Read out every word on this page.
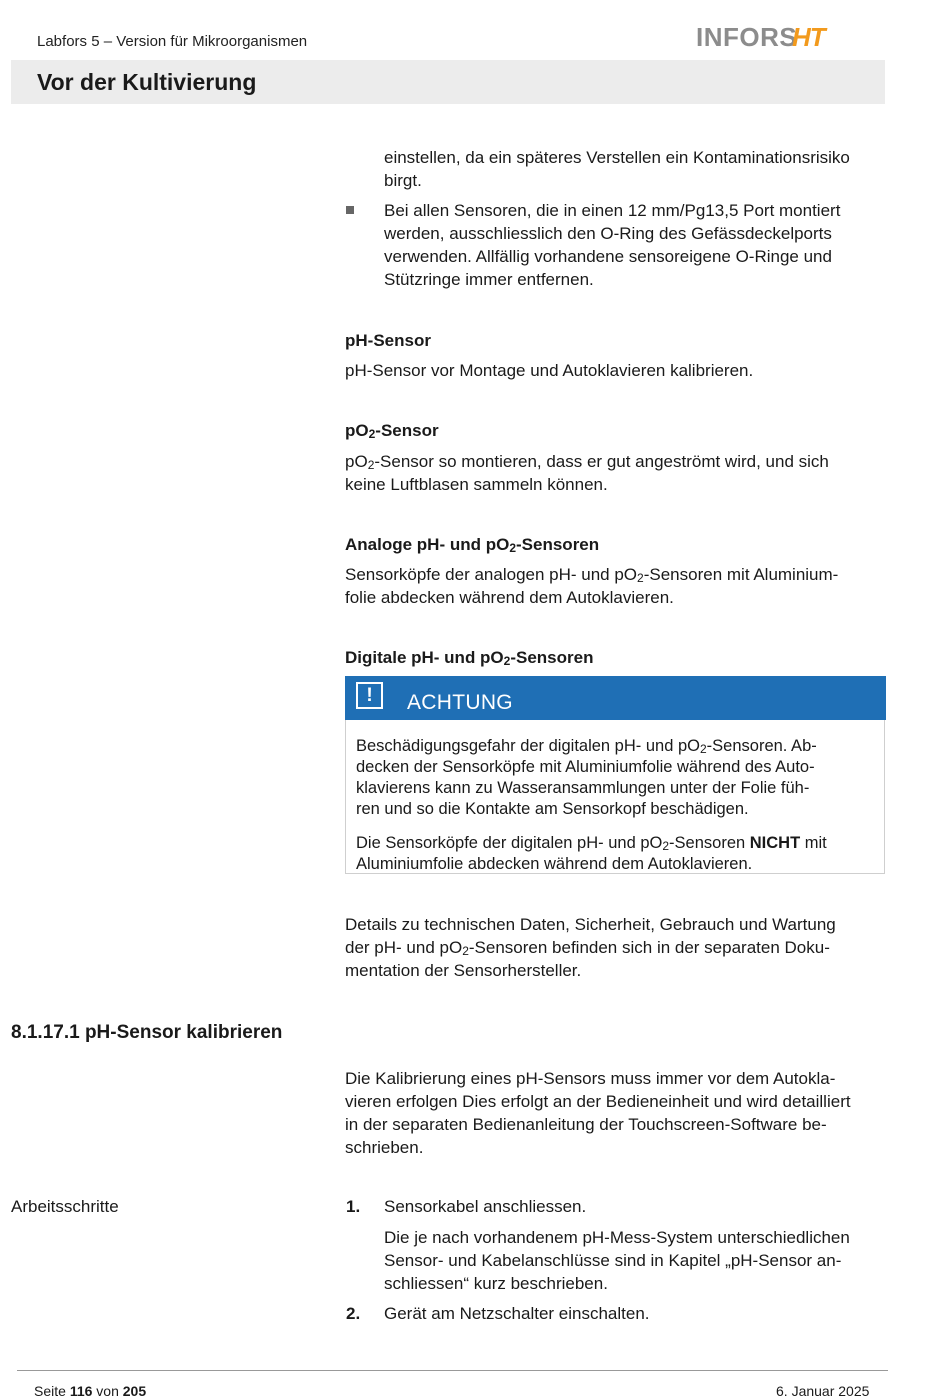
Labfors 5 – Version für Mikroorganismen	INFORS
HT
Vor der Kultivierung
einstellen, da ein späteres Verstellen ein Kontaminationsrisiko
birgt.
Bei allen Sensoren, die in einen 12 mm/Pg13,5 Port montiert
werden, ausschliesslich den O-Ring des Gefässdeckelports
verwenden. Allfällig vorhandene sensoreigene O-Ringe und
Stützringe immer entfernen.
pH-Sensor
pH-Sensor vor Montage und Autoklavieren kalibrieren.
$pO_2$-Sensor
$pO_2$-Sensor so montieren, dass er gut angeströmt wird, und sich
keine Luftblasen sammeln können.
Analoge pH- und $pO_2$-Sensoren
Sensorköpfe der analogen pH- und $pO_2$-Sensoren mit Aluminium-
folie abdecken während dem Autoklavieren.
Digitale pH- und $pO_2$-Sensoren
!	ACHTUNG
Beschädigungsgefahr der digitalen pH- und $pO_2$-Sensoren. Ab-
decken der Sensorköpfe mit Aluminiumfolie während des Auto-
klavierens kann zu Wasseransammlungen unter der Folie füh-
ren und so die Kontakte am Sensorkopf beschädigen.
Die Sensorköpfe der digitalen pH- und $pO_2$-Sensoren NICHT mit
Aluminiumfolie abdecken während dem Autoklavieren.
Details zu technischen Daten, Sicherheit, Gebrauch und Wartung
der pH- und $pO_2$-Sensoren befinden sich in der separaten Doku-
mentation der Sensorhersteller.
8.1.17.1 pH-Sensor kalibrieren
Die Kalibrierung eines pH-Sensors muss immer vor dem Autokla-
vieren erfolgen Dies erfolgt an der Bedieneinheit und wird detailliert
in der separaten Bedienanleitung der Touchscreen-Software be-
schrieben.
Arbeitsschritte	1. Sensorkabel anschliessen.
Die je nach vorhandenem pH-Mess-System unterschiedlichen
Sensor- und Kabelanschlüsse sind in Kapitel „pH-Sensor an-
schliessen“ kurz beschrieben.
2. Gerät am Netzschalter einschalten.
Seite 116 von 205	6. Januar 2025
